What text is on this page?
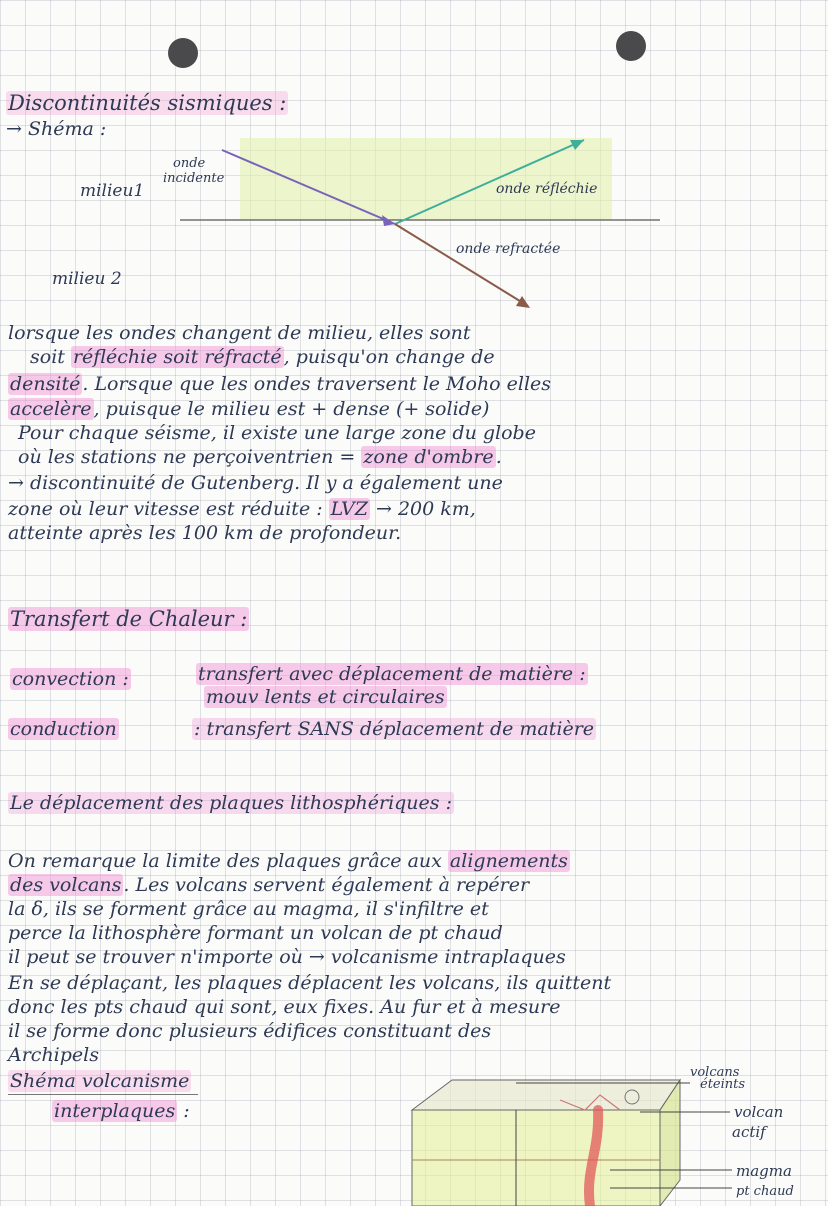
Discontinuités sismiques :
→ Shéma :
onde
incidente
milieu1	onde réfléchie
onde refractée
milieu 2
lorsque les ondes changent de milieu, elles sont
soit réfléchie soit réfracté , puisqu'on change de
densité . Lorsque que les ondes traversent le Moho elles
accelère , puisque le milieu est + dense (+ solide)
Pour chaque séisme, il existe une large zone du globe
où les stations ne perçoiventrien = zone d'ombre .
→ discontinuité de Gutenberg. Il y a également une
zone où leur vitesse est réduite : LVZ → 200 km,
atteinte après les 100 km de profondeur.
Transfert de Chaleur :
convection :	transfert avec déplacement de matière :
mouv lents et circulaires
conduction	: transfert SANS déplacement de matière
Le déplacement des plaques lithosphériques :
On remarque la limite des plaques grâce aux alignements
des volcans . Les volcans servent également à repérer
la δ, ils se forment grâce au magma, il s'infiltre et
perce la lithosphère formant un volcan de pt chaud
il peut se trouver n'importe où → volcanisme intraplaques
En se déplaçant, les plaques déplacent les volcans, ils quittent
donc les pts chaud qui sont, eux fixes. Au fur et à mesure
il se forme donc plusieurs édifices constituant des
Archipels
Shéma volcanisme
interplaques :
volcans
éteints
volcan
actif
magma
pt chaud
